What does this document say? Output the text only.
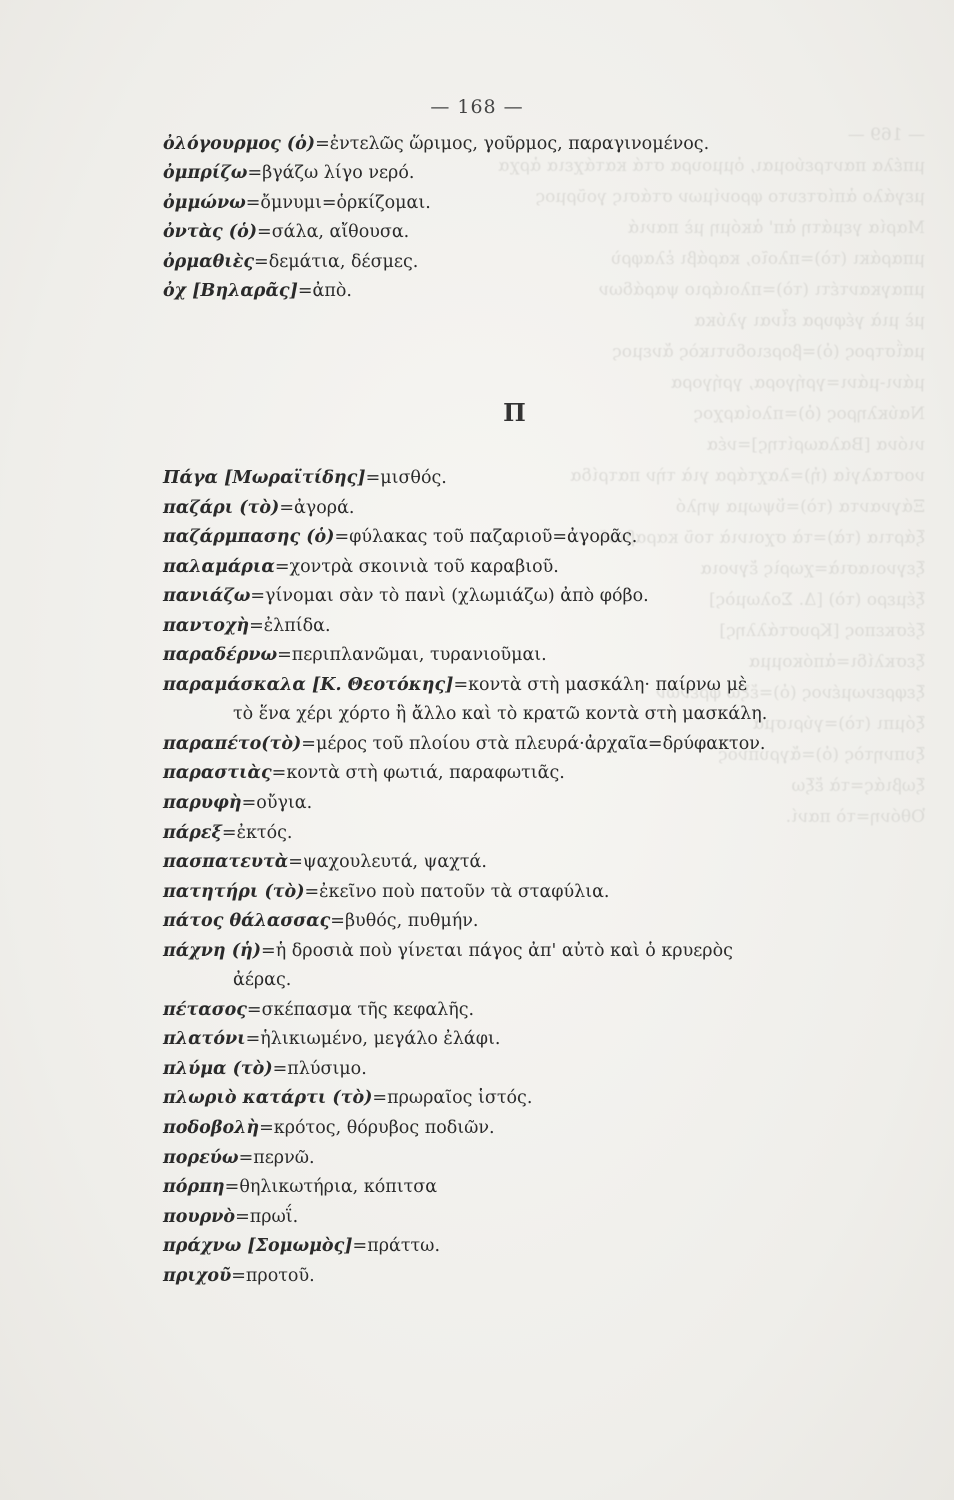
— 169 —
μπέλα παντρεύομαι, ὁμμουρα στά κατάχεια ἀρχα
μεγάλο ἀπίστευτο φρονίμων στάσις γοῦρμος
Μαρία γεμάτη ἀπ' ἀκόμη μὲ πανιά
μπαράκι (τὸ)=πλοῖο, καράβι ἐλαφρὺ
μπαγκαντέτι (τὸ)=πλοιάριο ψαράδων
μὲ μιὰ γέφυρα εἶναι γλύκα
μαΐστρος (ὁ)=βορειοδυτικὸς ἄνεμος
μάνι-μάνι=γρήγορα, γρήγορα
Ναύκληρος (ὁ)=πλοίαρχος
νιόνα [Βαλαωρίτης]=νέα
νοσταλγία (ἡ)=λαχτάρα γιὰ τὴν πατρίδα
Ξάγναντα (τὸ)=ὕψωμα ψηλό
ξάρτια (τὰ)=τὰ σχοινιὰ τοῦ καραβιοῦ
ξεγνοιασιὰ=χωρὶς ἔγνοια
ξέμερο (τὸ) [Δ. Σολωμὸς]
ξέσκεπος [Κρυστάλλης]
ξεσκλίδι=ἀπόκομμα
ξεφρενωμένος (ὁ)=ἔξω φρενῶν
ξόμπι (τὸ)=γύρισμα
ξυπνητὸς (ὁ)=ἄγρυπνος
ξωβιάς=τὰ ἔξω
Ὀθόνη=τὸ πανί.
— 168 —
ὀλόγουρμος (ὁ)=ἐντελῶς ὥριμος, γοῦρμος, παραγινομένος.
ὀμπρίζω=βγάζω λίγο νερό.
ὀμμώνω=ὄμνυμι=ὁρκίζομαι.
ὀντὰς (ὁ)=σάλα, αἴθουσα.
ὀρμαθιὲς=δεμάτια, δέσμες.
ὀχ [Βηλαρᾶς]=ἀπὸ.
Π
Πάγα [Μωραϊτίδης]=μισθός.
παζάρι (τὸ)=ἀγορά.
παζάρμπασης (ὁ)=φύλακας τοῦ παζαριοῦ=ἀγορᾶς.
παλαμάρια=χοντρὰ σκοινιὰ τοῦ καραβιοῦ.
πανιάζω=γίνομαι σὰν τὸ πανὶ (χλωμιάζω) ἀπὸ φόβο.
παντοχὴ=ἐλπίδα.
παραδέρνω=περιπλανῶμαι, τυρανιοῦμαι.
παραμάσκαλα [Κ. Θεοτόκης]=κοντὰ στὴ μασκάλη· παίρνω μὲ
τὸ ἕνα χέρι χόρτο ἢ ἄλλο καὶ τὸ κρατῶ κοντὰ στὴ μασκάλη.
παραπέτο(τὸ)=μέρος τοῦ πλοίου στὰ πλευρά·ἀρχαῖα=δρύφακτον.
παραστιὰς=κοντὰ στὴ φωτιά, παραφωτιᾶς.
παρυφὴ=οὔγια.
πάρεξ=ἐκτός.
πασπατευτὰ=ψαχουλευτά, ψαχτά.
πατητήρι (τὸ)=ἐκεῖνο ποὺ πατοῦν τὰ σταφύλια.
πάτος θάλασσας=βυθός, πυθμήν.
πάχνη (ἡ)=ἡ δροσιὰ ποὺ γίνεται πάγος ἀπ' αὐτὸ καὶ ὁ κρυερὸς
ἀέρας.
πέτασος=σκέπασμα τῆς κεφαλῆς.
πλατόνι=ἡλικιωμένο, μεγάλο ἐλάφι.
πλύμα (τὸ)=πλύσιμο.
πλωριὸ κατάρτι (τὸ)=πρωραῖος ἱστός.
ποδοβολὴ=κρότος, θόρυβος ποδιῶν.
πορεύω=περνῶ.
πόρπη=θηλικωτήρια, κόπιτσα
πουρνὸ=πρωΐ.
πράχνω [Σομωμὸς]=πράττω.
πριχοῦ=προτοῦ.
